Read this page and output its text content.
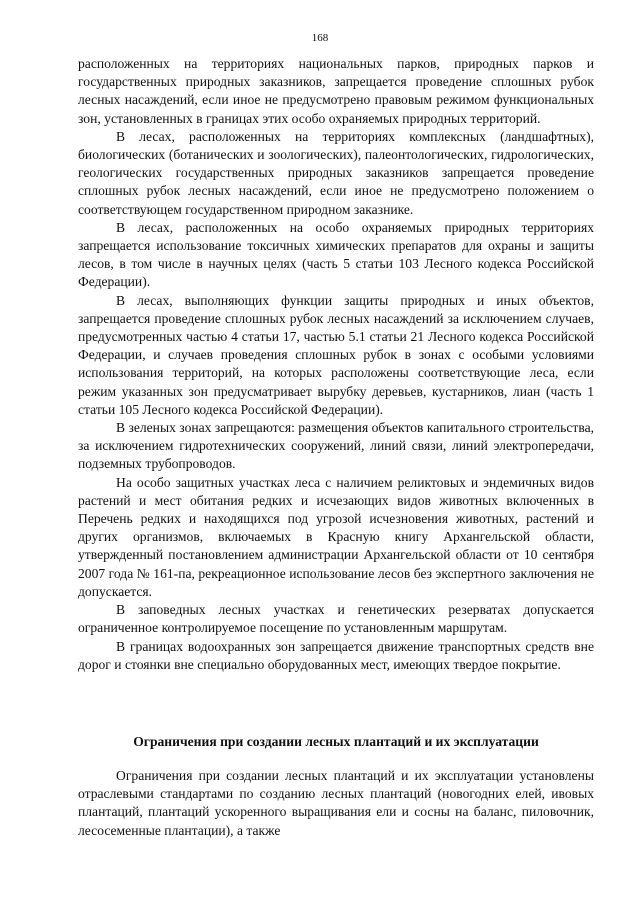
168

расположенных на территориях национальных парков, природных парков и государственных природных заказников, запрещается проведение сплошных рубок лесных насаждений, если иное не предусмотрено правовым режимом функциональных зон, установленных в границах этих особо охраняемых природных территорий.

В лесах, расположенных на территориях комплексных (ландшафтных), биологических (ботанических и зоологических), палеонтологических, гидрологических, геологических государственных природных заказников запрещается проведение сплошных рубок лесных насаждений, если иное не предусмотрено положением о соответствующем государственном природном заказнике.

В лесах, расположенных на особо охраняемых природных территориях запрещается использование токсичных химических препаратов для охраны и защиты лесов, в том числе в научных целях (часть 5 статьи 103 Лесного кодекса Российской Федерации).

В лесах, выполняющих функции защиты природных и иных объектов, запрещается проведение сплошных рубок лесных насаждений за исключением случаев, предусмотренных частью 4 статьи 17, частью 5.1 статьи 21 Лесного кодекса Российской Федерации, и случаев проведения сплошных рубок в зонах с особыми условиями использования территорий, на которых расположены соответствующие леса, если режим указанных зон предусматривает вырубку деревьев, кустарников, лиан (часть 1 статьи 105 Лесного кодекса Российской Федерации).

В зеленых зонах запрещаются: размещения объектов капитального строительства, за исключением гидротехнических сооружений, линий связи, линий электропередачи, подземных трубопроводов.

На особо защитных участках леса с наличием реликтовых и эндемичных видов растений и мест обитания редких и исчезающих видов животных включенных в Перечень редких и находящихся под угрозой исчезновения животных, растений и других организмов, включаемых в Красную книгу Архангельской области, утвержденный постановлением администрации Архангельской области от 10 сентября 2007 года № 161-па, рекреационное использование лесов без экспертного заключения не допускается.

В заповедных лесных участках и генетических резерватах допускается ограниченное контролируемое посещение по установленным маршрутам.

В границах водоохранных зон запрещается движение транспортных средств вне дорог и стоянки вне специально оборудованных мест, имеющих твердое покрытие.

Ограничения при создании лесных плантаций и их эксплуатации

Ограничения при создании лесных плантаций и их эксплуатации установлены отраслевыми стандартами по созданию лесных плантаций (новогодних елей, ивовых плантаций, плантаций ускоренного выращивания ели и сосны на баланс, пиловочник, лесосеменные плантации), а также
